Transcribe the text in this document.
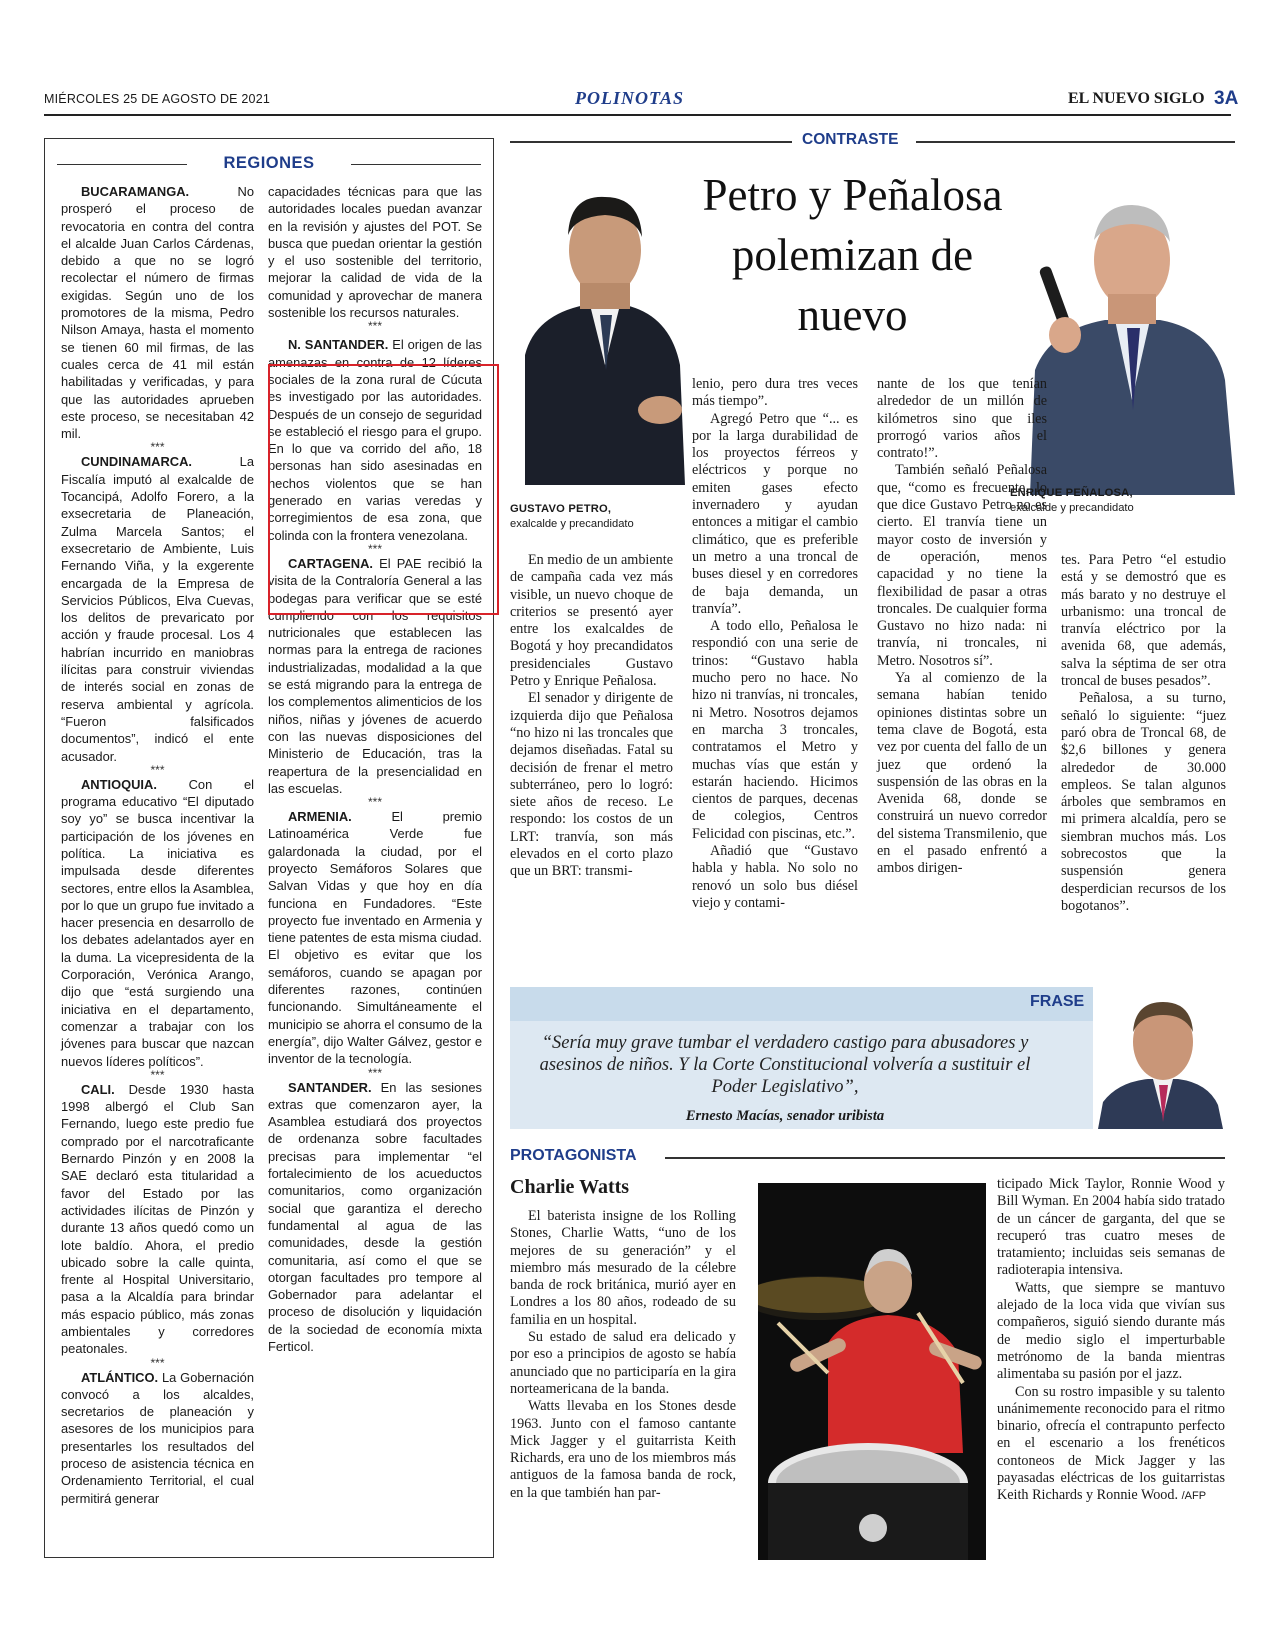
MIÉRCOLES 25 DE AGOSTO DE 2021	POLINOTAS	EL NUEVO SIGLO 3A
REGIONES

BUCARAMANGA. No prosperó el proceso de revocatoria en contra del contra el alcalde Juan Carlos Cárdenas, debido a que no se logró recolectar el número de firmas exigidas. Según uno de los promotores de la misma, Pedro Nilson Amaya, hasta el momento se tienen 60 mil firmas, de las cuales cerca de 41 mil están habilitadas y verificadas, y para que las autoridades aprueben este proceso, se necesitaban 42 mil.

***

CUNDINAMARCA. La Fiscalía imputó al exalcalde de Tocancipá, Adolfo Forero, a la exsecretaria de Planeación, Zulma Marcela Santos; el exsecretario de Ambiente, Luis Fernando Viña, y la exgerente encargada de la Empresa de Servicios Públicos, Elva Cuevas, los delitos de prevaricato por acción y fraude procesal. Los 4 habrían incurrido en maniobras ilícitas para construir viviendas de interés social en zonas de reserva ambiental y agrícola. “Fueron falsificados documentos”, indicó el ente acusador.

***

ANTIOQUIA. Con el programa educativo “El diputado soy yo” se busca incentivar la participación de los jóvenes en política. La iniciativa es impulsada desde diferentes sectores, entre ellos la Asamblea, por lo que un grupo fue invitado a hacer presencia en desarrollo de los debates adelantados ayer en la duma. La vicepresidenta de la Corporación, Verónica Arango, dijo que “está surgiendo una iniciativa en el departamento, comenzar a trabajar con los jóvenes para buscar que nazcan nuevos líderes políticos”.

***

CALI. Desde 1930 hasta 1998 albergó el Club San Fernando, luego este predio fue comprado por el narcotraficante Bernardo Pinzón y en 2008 la SAE declaró esta titularidad a favor del Estado por las actividades ilícitas de Pinzón y durante 13 años quedó como un lote baldío. Ahora, el predio ubicado sobre la calle quinta, frente al Hospital Universitario, pasa a la Alcaldía para brindar más espacio público, más zonas ambientales y corredores peatonales.

***

ATLÁNTICO. La Gobernación convocó a los alcaldes, secretarios de planeación y asesores de los municipios para presentarles los resultados del proceso de asistencia técnica en Ordenamiento Territorial, el cual permitirá generar

capacidades técnicas para que las autoridades locales puedan avanzar en la revisión y ajustes del POT. Se busca que puedan orientar la gestión y el uso sostenible del territorio, mejorar la calidad de vida de la comunidad y aprovechar de manera sostenible los recursos naturales.

***

N. SANTANDER. El origen de las amenazas en contra de 12 líderes sociales de la zona rural de Cúcuta es investigado por las autoridades. Después de un consejo de seguridad se estableció el riesgo para el grupo. En lo que va corrido del año, 18 personas han sido asesinadas en hechos violentos que se han generado en varias veredas y corregimientos de esa zona, que colinda con la frontera venezolana.

***

CARTAGENA. El PAE recibió la visita de la Contraloría General a las bodegas para verificar que se esté cumpliendo con los requisitos nutricionales que establecen las normas para la entrega de raciones industrializadas, modalidad a la que se está migrando para la entrega de los complementos alimenticios de los niños, niñas y jóvenes de acuerdo con las nuevas disposiciones del Ministerio de Educación, tras la reapertura de la presencialidad en las escuelas.

***

ARMENIA. El premio Latinoamérica Verde fue galardonada la ciudad, por el proyecto Semáforos Solares que Salvan Vidas y que hoy en día funciona en Fundadores. “Este proyecto fue inventado en Armenia y tiene patentes de esta misma ciudad. El objetivo es evitar que los semáforos, cuando se apagan por diferentes razones, continúen funcionando. Simultáneamente el municipio se ahorra el consumo de la energía”, dijo Walter Gálvez, gestor e inventor de la tecnología.

***

SANTANDER. En las sesiones extras que comenzaron ayer, la Asamblea estudiará dos proyectos de ordenanza sobre facultades precisas para implementar “el fortalecimiento de los acueductos comunitarios, como organización social que garantiza el derecho fundamental al agua de las comunidades, desde la gestión comunitaria, así como el que se otorgan facultades pro tempore al Gobernador para adelantar el proceso de disolución y liquidación de la sociedad de economía mixta Ferticol.

CONTRASTE
Petro y Peñalosa polemizan de nuevo
GUSTAVO PETRO,
exalcalde y precandidato
ENRIQUE PEÑALOSA,
exalcalde y precandidato

En medio de un ambiente de campaña cada vez más visible, un nuevo choque de criterios se presentó ayer entre los exalcaldes de Bogotá y hoy precandidatos presidenciales Gustavo Petro y Enrique Peñalosa.

El senador y dirigente de izquierda dijo que Peñalosa “no hizo ni las troncales que dejamos diseñadas. Fatal su decisión de frenar el metro subterráneo, pero lo logró: siete años de receso. Le respondo: los costos de un LRT: tranvía, son más elevados en el corto plazo que un BRT: transmi-

lenio, pero dura tres veces más tiempo”.

Agregó Petro que “... es por la larga durabilidad de los proyectos férreos y eléctricos y porque no emiten gases efecto invernadero y ayudan entonces a mitigar el cambio climático, que es preferible un metro a una troncal de buses diesel y en corredores de baja demanda, un tranvía”.

A todo ello, Peñalosa le respondió con una serie de trinos: “Gustavo habla mucho pero no hace. No hizo ni tranvías, ni troncales, ni Metro. Nosotros dejamos en marcha 3 troncales, contratamos el Metro y muchas vías que están y estarán haciendo. Hicimos cientos de parques, decenas de colegios, Centros Felicidad con piscinas, etc.”.

Añadió que “Gustavo habla y habla. No solo no renovó un solo bus diésel viejo y contami-

nante de los que tenían alrededor de un millón de kilómetros sino que iles prorrogó varios años el contrato!”.

También señaló Peñalosa que, “como es frecuente, lo que dice Gustavo Petro no es cierto. El tranvía tiene un mayor costo de inversión y de operación, menos capacidad y no tiene la flexibilidad de pasar a otras troncales. De cualquier forma Gustavo no hizo nada: ni tranvía, ni troncales, ni Metro. Nosotros sí”.

Ya al comienzo de la semana habían tenido opiniones distintas sobre un tema clave de Bogotá, esta vez por cuenta del fallo de un juez que ordenó la suspensión de las obras en la Avenida 68, donde se construirá un nuevo corredor del sistema Transmilenio, que en el pasado enfrentó a ambos dirigen-

tes. Para Petro “el estudio está y se demostró que es más barato y no destruye el urbanismo: una troncal de tranvía eléctrico por la avenida 68, que además, salva la séptima de ser otra troncal de buses pesados”.

Peñalosa, a su turno, señaló lo siguiente: “juez paró obra de Troncal 68, de $2,6 billones y genera alrededor de 30.000 empleos. Se talan algunos árboles que sembramos en mi primera alcaldía, pero se siembran muchos más. Los sobrecostos que la suspensión genera desperdician recursos de los bogotanos”.

FRASE
“Sería muy grave tumbar el verdadero castigo para abusadores y asesinos de niños. Y la Corte Constitucional volvería a sustituir el Poder Legislativo”,
Ernesto Macías, senador uribista
PROTAGONISTA
Charlie Watts

El baterista insigne de los Rolling Stones, Charlie Watts, “uno de los mejores de su generación” y el miembro más mesurado de la célebre banda de rock británica, murió ayer en Londres a los 80 años, rodeado de su familia en un hospital.

Su estado de salud era delicado y por eso a principios de agosto se había anunciado que no participaría en la gira norteamericana de la banda.

Watts llevaba en los Stones desde 1963. Junto con el famoso cantante Mick Jagger y el guitarrista Keith Richards, era uno de los miembros más antiguos de la famosa banda de rock, en la que también han par-

ticipado Mick Taylor, Ronnie Wood y Bill Wyman. En 2004 había sido tratado de un cáncer de garganta, del que se recuperó tras cuatro meses de tratamiento; incluidas seis semanas de radioterapia intensiva.

Watts, que siempre se mantuvo alejado de la loca vida que vivían sus compañeros, siguió siendo durante más de medio siglo el imperturbable metrónomo de la banda mientras alimentaba su pasión por el jazz.

Con su rostro impasible y su talento unánimemente reconocido para el ritmo binario, ofrecía el contrapunto perfecto en el escenario a los frenéticos contoneos de Mick Jagger y las payasadas eléctricas de los guitarristas Keith Richards y Ronnie Wood. /AFP
